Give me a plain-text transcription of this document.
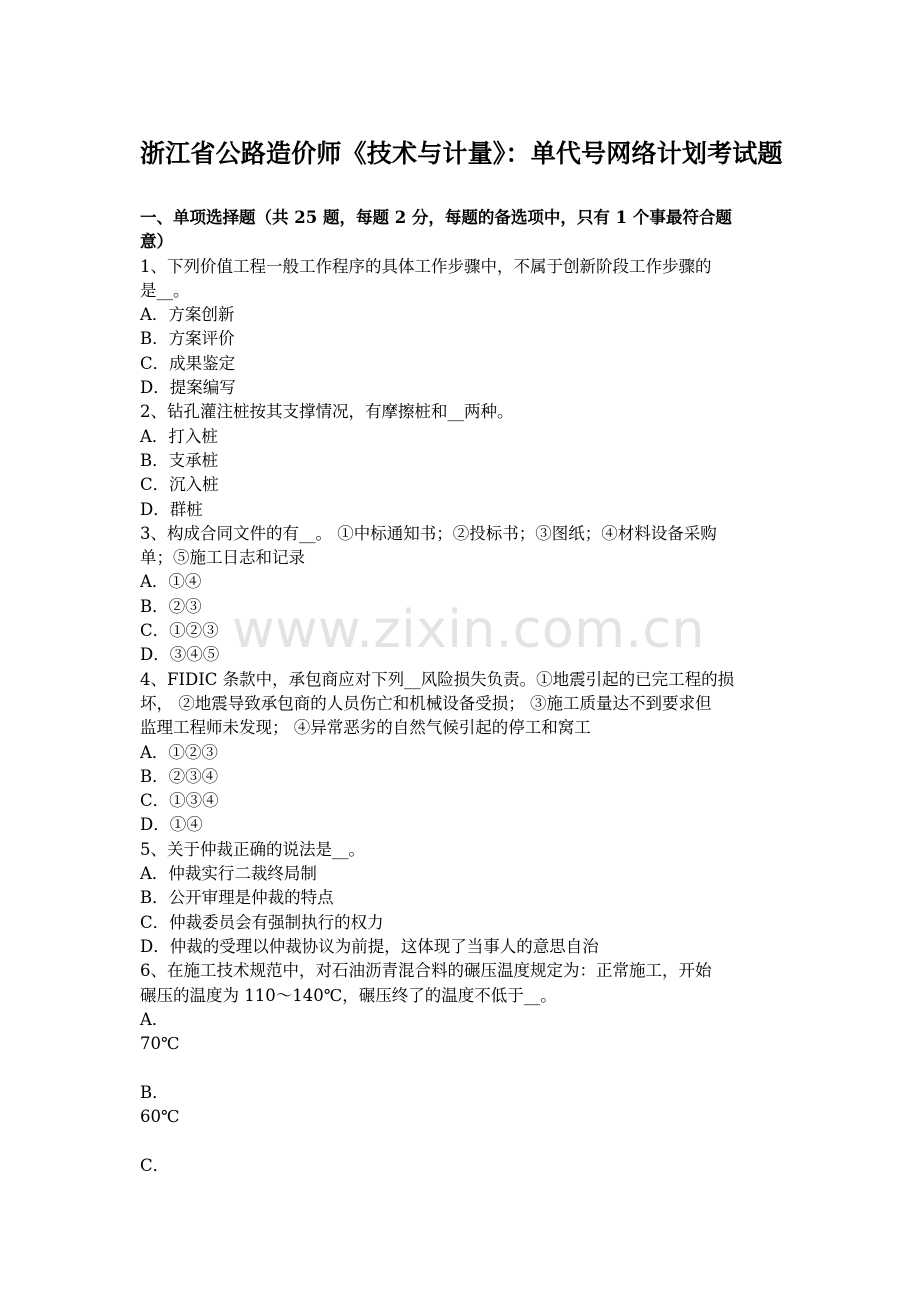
浙江省公路造价师《技术与计量》：单代号网络计划考试题
一、单项选择题（共 25 题，每题 2 分，每题的备选项中，只有 1 个事最符合题
意）
1、下列价值工程一般工作程序的具体工作步骤中，不属于创新阶段工作步骤的
是__。
A．方案创新
B．方案评价
C．成果鉴定
D．提案编写
2、钻孔灌注桩按其支撑情况，有摩擦桩和__两种。
A．打入桩
B．支承桩
C．沉入桩
D．群桩
3、构成合同文件的有__。 ①中标通知书；②投标书；③图纸；④材料设备采购
单；⑤施工日志和记录
A．①④
B．②③
C．①②③
D．③④⑤
4、FIDIC 条款中，承包商应对下列__风险损失负责。①地震引起的已完工程的损
坏， ②地震导致承包商的人员伤亡和机械设备受损； ③施工质量达不到要求但
监理工程师未发现； ④异常恶劣的自然气候引起的停工和窝工
A．①②③
B．②③④
C．①③④
D．①④
5、关于仲裁正确的说法是__。
A．仲裁实行二裁终局制
B．公开审理是仲裁的特点
C．仲裁委员会有强制执行的权力
D．仲裁的受理以仲裁协议为前提，这体现了当事人的意思自治
6、在施工技术规范中，对石油沥青混合料的碾压温度规定为：正常施工，开始
碾压的温度为 110～140℃，碾压终了的温度不低于__。
A．
70℃
B．
60℃
C．
www.zixin.com.cn
